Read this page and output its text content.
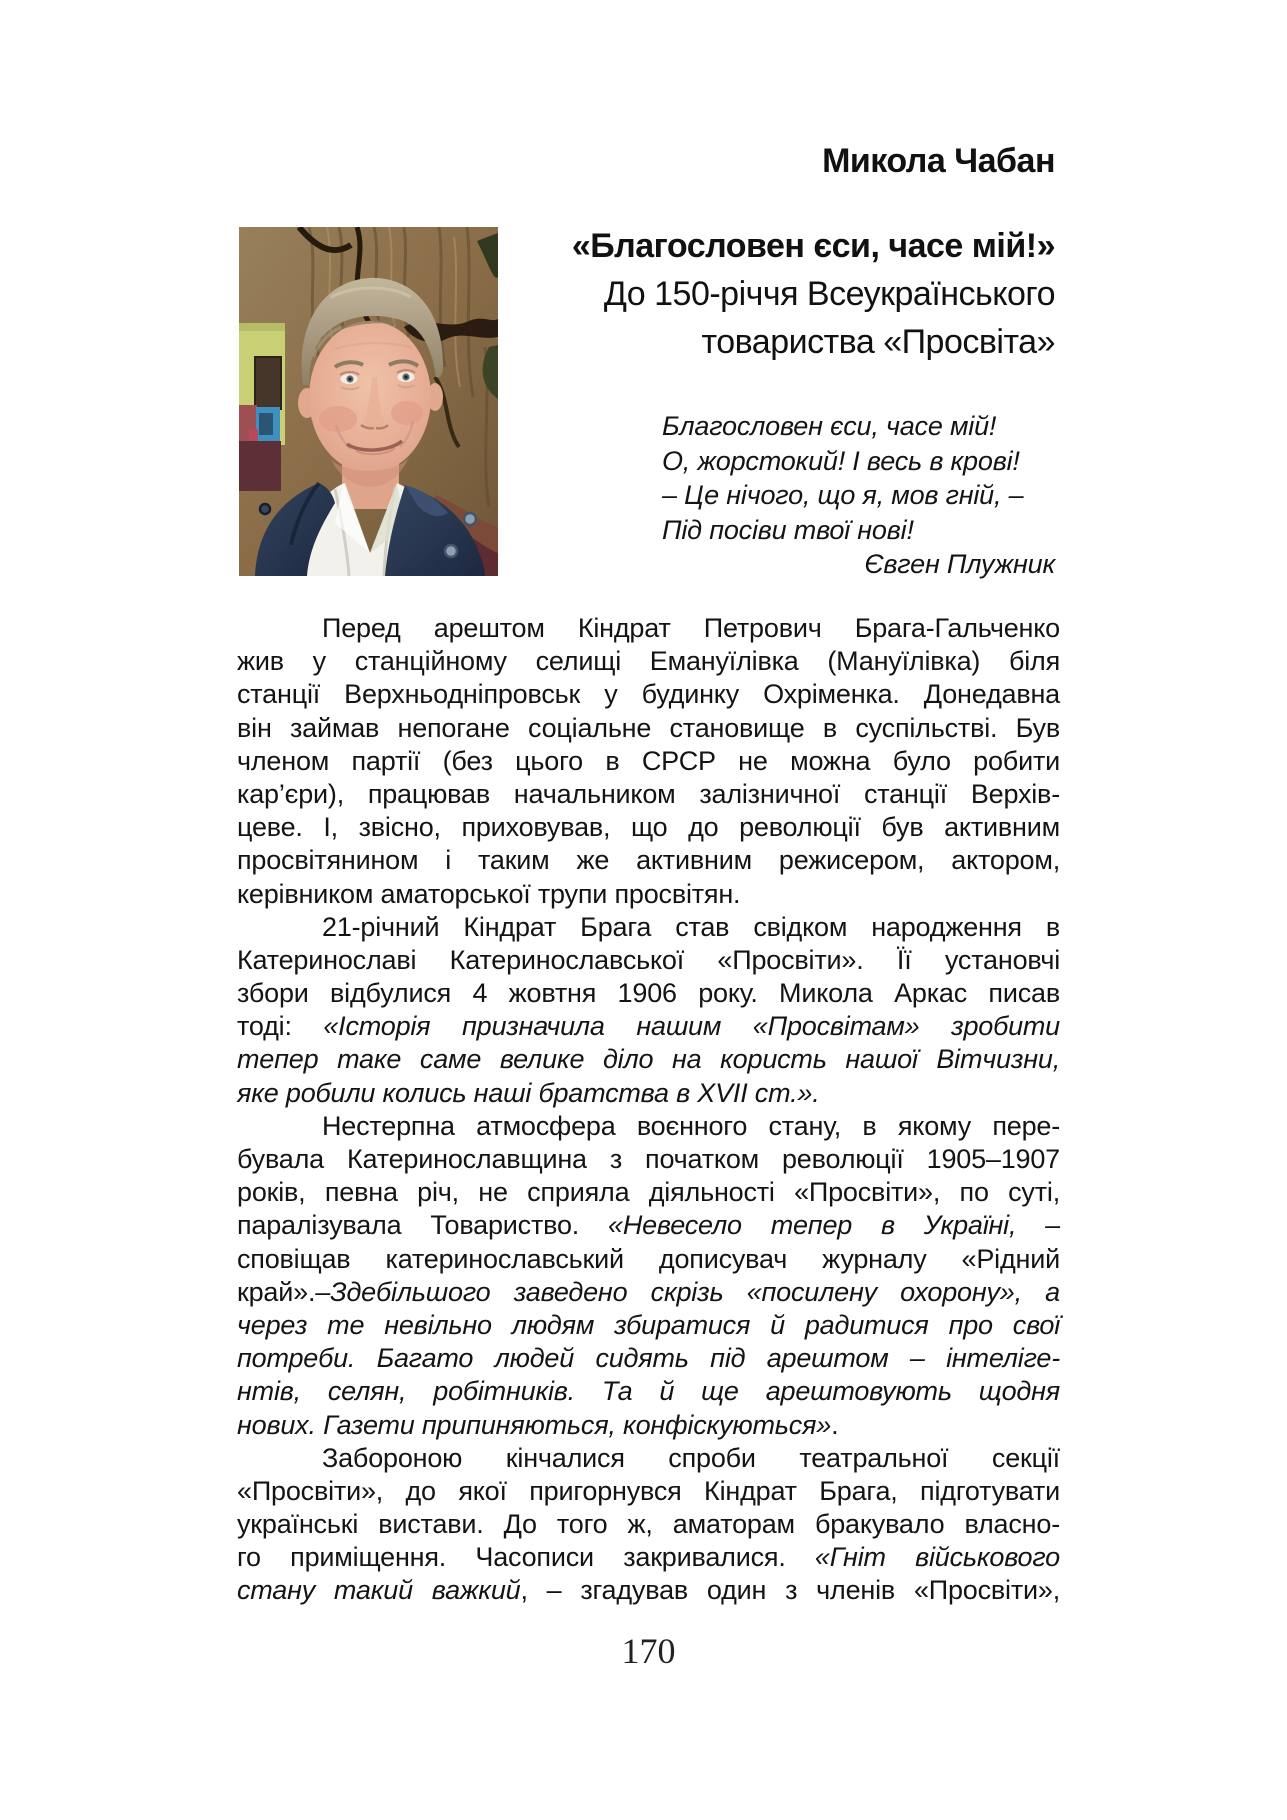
Микола Чабан
«Благословен єси, часе мій!»
До 150-річчя Всеукраїнського
товариства «Просвіта»
Благословен єси, часе мій!
О, жорстокий! І весь в крові!
– Це нічого, що я, мов гній, –
Під посіви твої нові!
Євген Плужник
Перед арештом Кіндрат Петрович Брага-Гальченко
жив у станційному селищі Емануїлівка (Мануїлівка) біля
станції Верхньодніпровськ у будинку Охріменка. Донедавна
він займав непогане соціальне становище в суспільстві. Був
членом партії (без цього в СРСР не можна було робити
кар’єри), працював начальником залізничної станції Верхів-
цеве. І, звісно, приховував, що до революції був активним
просвітянином і таким же активним режисером, актором,
керівником аматорської трупи просвітян.
21-річний Кіндрат Брага став свідком народження в
Катеринославі Катеринославської «Просвіти». Її установчі
збори відбулися 4 жовтня 1906 року. Микола Аркас писав
тоді: «Історія призначила нашим «Просвітам» зробити
тепер таке саме велике діло на користь нашої Вітчизни,
яке робили колись наші братства в XVII ст.».
Нестерпна атмосфера воєнного стану, в якому пере-
бувала Катеринославщина з початком революції 1905–1907
років, певна річ, не сприяла діяльності «Просвіти», по суті,
паралізувала Товариство. «Невесело тепер в Україні, –
сповіщав катеринославський дописувач журналу «Рідний
край».–Здебільшого заведено скрізь «посилену охорону», а
через те невільно людям збиратися й радитися про свої
потреби. Багато людей сидять під арештом – інтеліге-
нтів, селян, робітників. Та й ще арештовують щодня
нових. Газети припиняються, конфіскуються».
Забороною кінчалися спроби театральної секції
«Просвіти», до якої пригорнувся Кіндрат Брага, підготувати
українські вистави. До того ж, аматорам бракувало власно-
го приміщення. Часописи закривалися. «Гніт військового
стану такий важкий, – згадував один з членів «Просвіти»,
170
